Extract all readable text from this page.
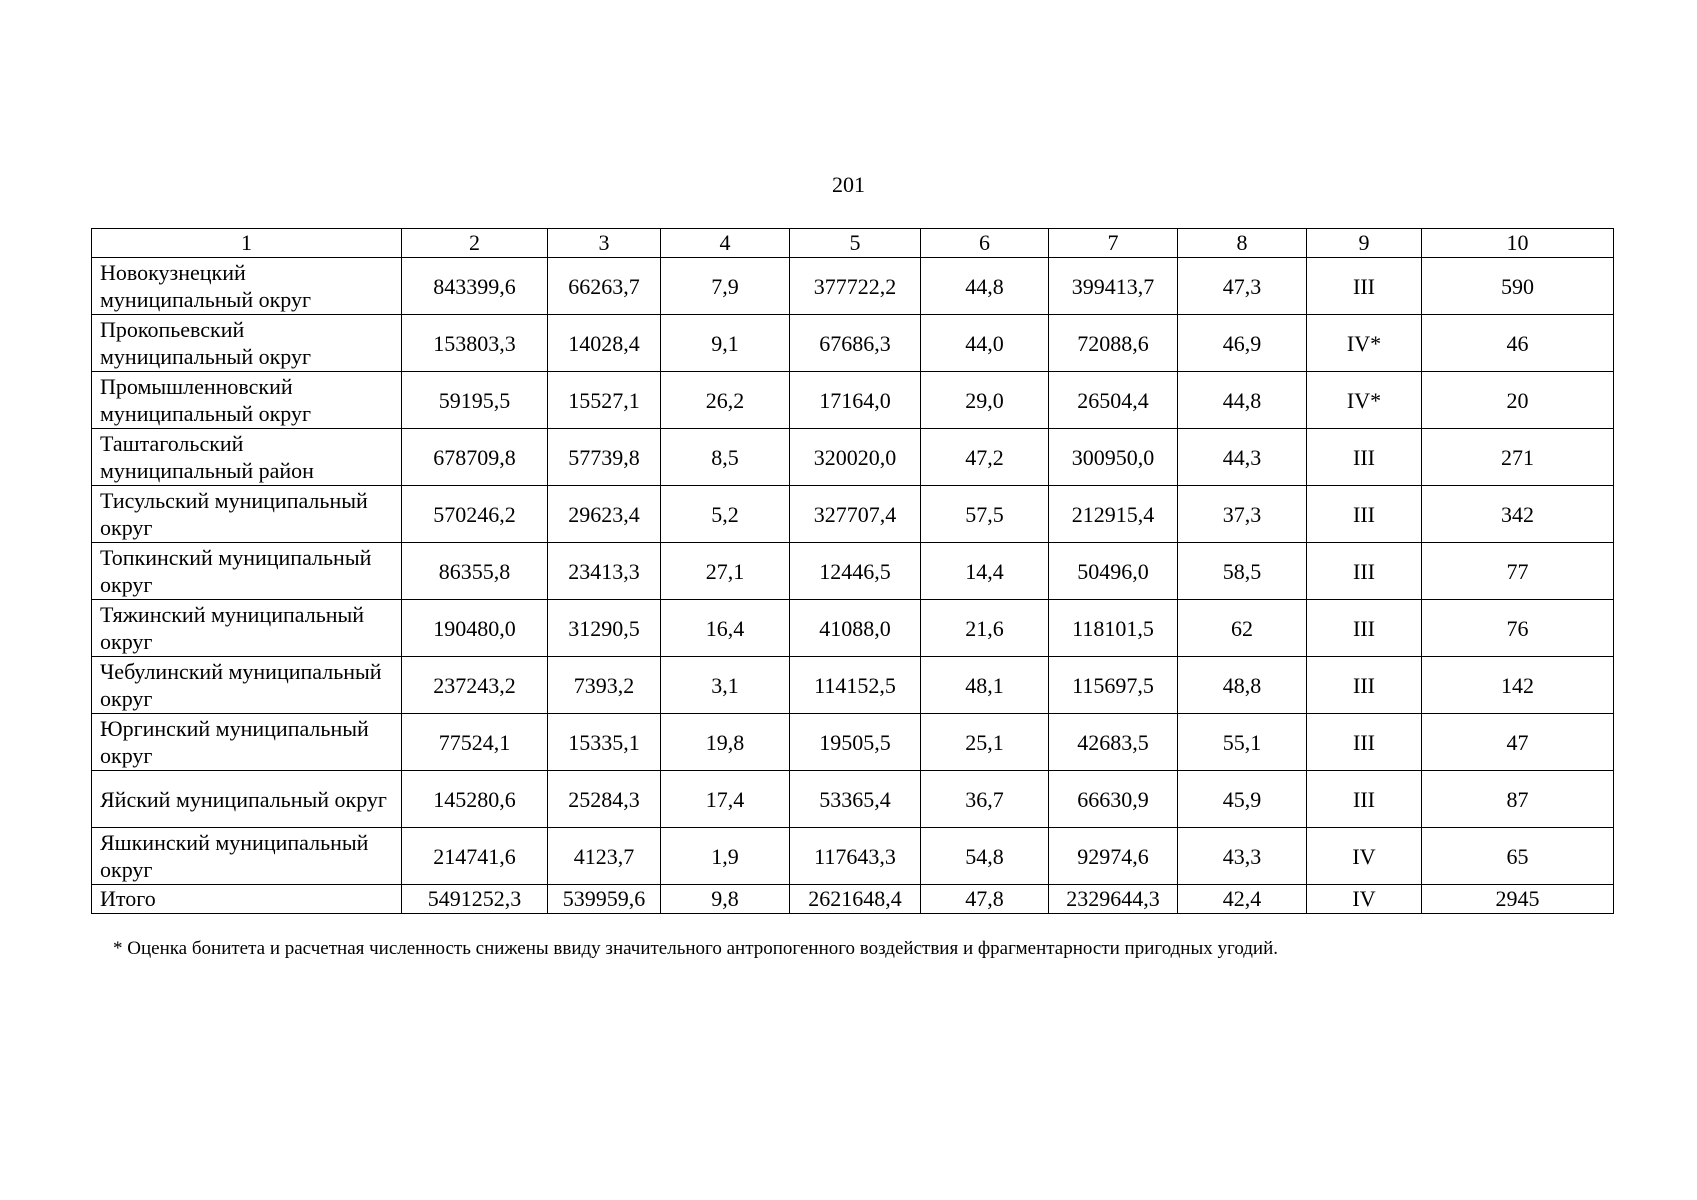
201
1	2	3	4	5	6	7	8	9	10
Новокузнецкий муниципальный округ	843399,6	66263,7	7,9	377722,2	44,8	399413,7	47,3	III	590
Прокопьевский муниципальный округ	153803,3	14028,4	9,1	67686,3	44,0	72088,6	46,9	IV*	46
Промышленновский муниципальный округ	59195,5	15527,1	26,2	17164,0	29,0	26504,4	44,8	IV*	20
Таштагольский муниципальный район	678709,8	57739,8	8,5	320020,0	47,2	300950,0	44,3	III	271
Тисульский муниципальный округ	570246,2	29623,4	5,2	327707,4	57,5	212915,4	37,3	III	342
Топкинский муниципальный округ	86355,8	23413,3	27,1	12446,5	14,4	50496,0	58,5	III	77
Тяжинский муниципальный округ	190480,0	31290,5	16,4	41088,0	21,6	118101,5	62	III	76
Чебулинский муниципальный округ	237243,2	7393,2	3,1	114152,5	48,1	115697,5	48,8	III	142
Юргинский муниципальный округ	77524,1	15335,1	19,8	19505,5	25,1	42683,5	55,1	III	47
Яйский муниципальный округ	145280,6	25284,3	17,4	53365,4	36,7	66630,9	45,9	III	87
Яшкинский муниципальный округ	214741,6	4123,7	1,9	117643,3	54,8	92974,6	43,3	IV	65
Итого	5491252,3	539959,6	9,8	2621648,4	47,8	2329644,3	42,4	IV	2945
* Оценка бонитета и расчетная численность снижены ввиду значительного антропогенного воздействия и фрагментарности пригодных угодий.
